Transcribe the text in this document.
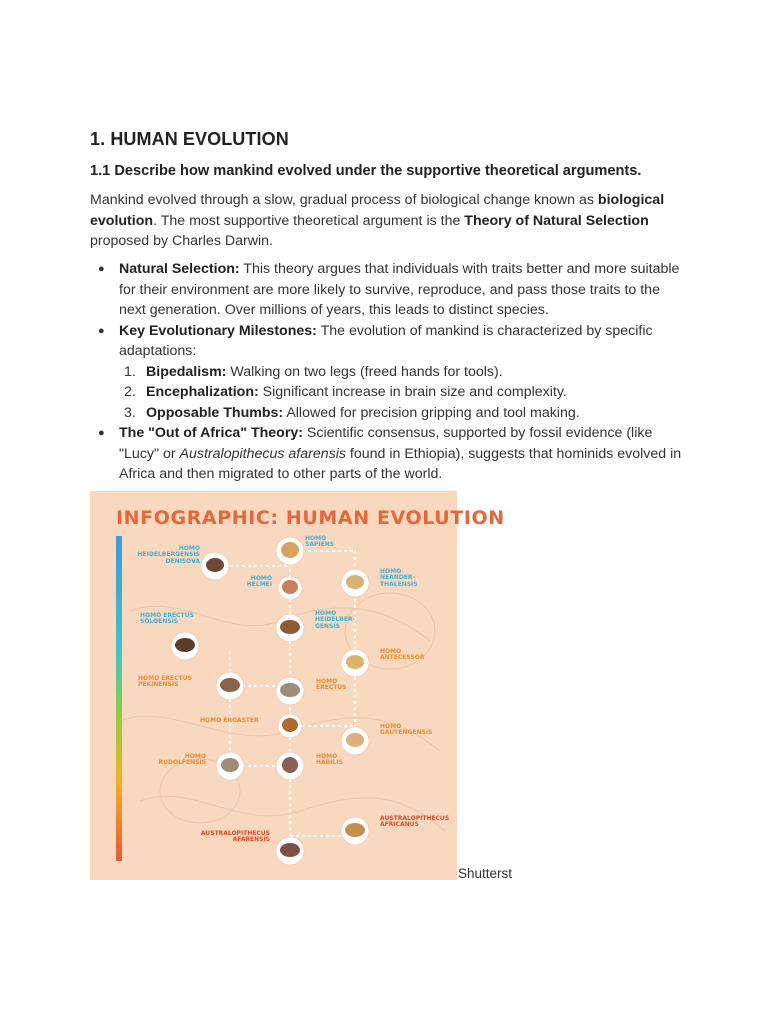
1. HUMAN EVOLUTION
1.1 Describe how mankind evolved under the supportive theoretical arguments.

Mankind evolved through a slow, gradual process of biological change known as biological evolution. The most supportive theoretical argument is the Theory of Natural Selection proposed by Charles Darwin.

● Natural Selection: This theory argues that individuals with traits better and more suitable for their environment are more likely to survive, reproduce, and pass those traits to the next generation. Over millions of years, this leads to distinct species.
● Key Evolutionary Milestones: The evolution of mankind is characterized by specific adaptations:
1. Bipedalism: Walking on two legs (freed hands for tools).
2. Encephalization: Significant increase in brain size and complexity.
3. Opposable Thumbs: Allowed for precision gripping and tool making.
● The "Out of Africa" Theory: Scientific consensus, supported by fossil evidence (like "Lucy" or Australopithecus afarensis found in Ethiopia), suggests that hominids evolved in Africa and then migrated to other parts of the world.
INFOGRAPHIC: HUMAN EVOLUTION
HOMO
HEIDELBERGENSIS
DENISOVA
HOMO
SAPIENS
HOMO
HELMEI
HOMO
NEANDER-
THALENSIS
HOMO ERECTUS
SOLOENSIS
HOMO
HEIDELBER-
GENSIS
HOMO
ANTECESSOR
HOMO ERECTUS
PEKINENSIS	HOMO
ERECTUS
HOMO ERGASTER
HOMO
GAUTENGENSIS
HOMO
RUDOLFENSIS
HOMO
HABILIS
AUSTRALOPITHECUS
AFRICANUS
AUSTRALOPITHECUS
AFARENSIS
Shutterst
